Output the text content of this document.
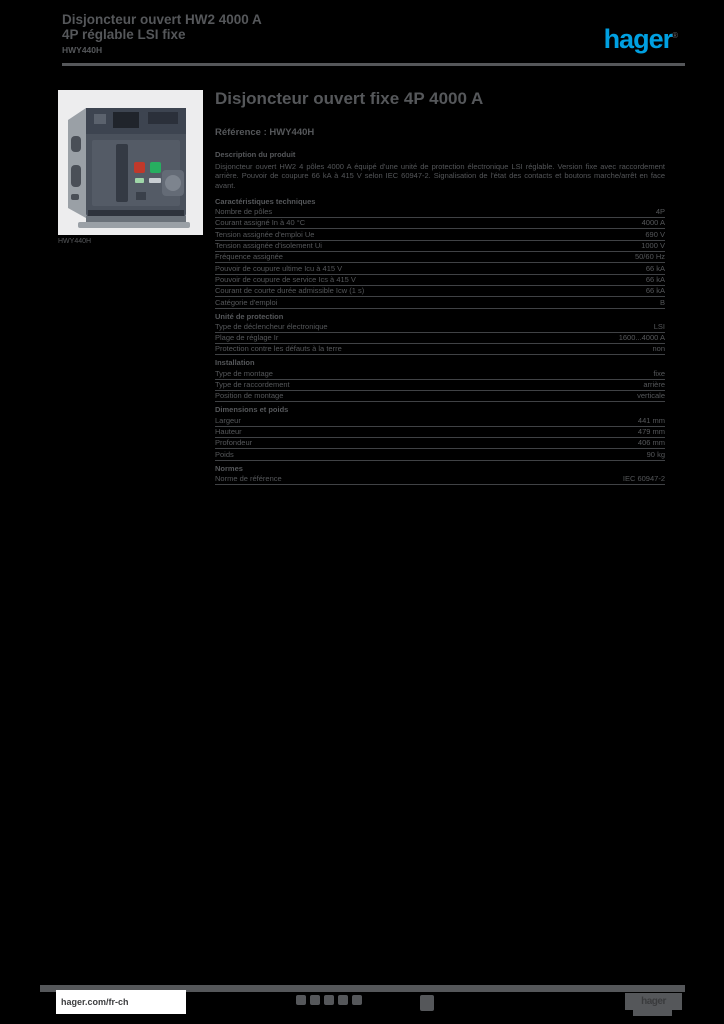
Disjoncteur ouvert HW2 4000 A
4P réglable LSI fixe
HWY440H	hager®
HWY440H
Disjoncteur ouvert fixe 4P 4000 A
Référence : HWY440H
Description du produit
Disjoncteur ouvert HW2 4 pôles 4000 A équipé d'une unité de protection électronique LSI réglable. Version fixe avec raccordement arrière. Pouvoir de coupure 66 kA à 415 V selon IEC 60947-2. Signalisation de l'état des contacts et boutons marche/arrêt en face avant.
Caractéristiques techniques
Nombre de pôles	4P
Courant assigné In à 40 °C	4000 A
Tension assignée d'emploi Ue	690 V
Tension assignée d'isolement Ui	1000 V
Fréquence assignée	50/60 Hz
Pouvoir de coupure ultime Icu à 415 V	66 kA
Pouvoir de coupure de service Ics à 415 V	66 kA
Courant de courte durée admissible Icw (1 s)	66 kA
Catégorie d'emploi	B
Unité de protection
Type de déclencheur électronique	LSI
Plage de réglage Ir	1600...4000 A
Protection contre les défauts à la terre	non
Installation
Type de montage	fixe
Type de raccordement	arrière
Position de montage	verticale
Dimensions et poids
Largeur	441 mm
Hauteur	479 mm
Profondeur	406 mm
Poids	90 kg
Normes
Norme de référence	IEC 60947-2
hager.com/fr-ch	hager
